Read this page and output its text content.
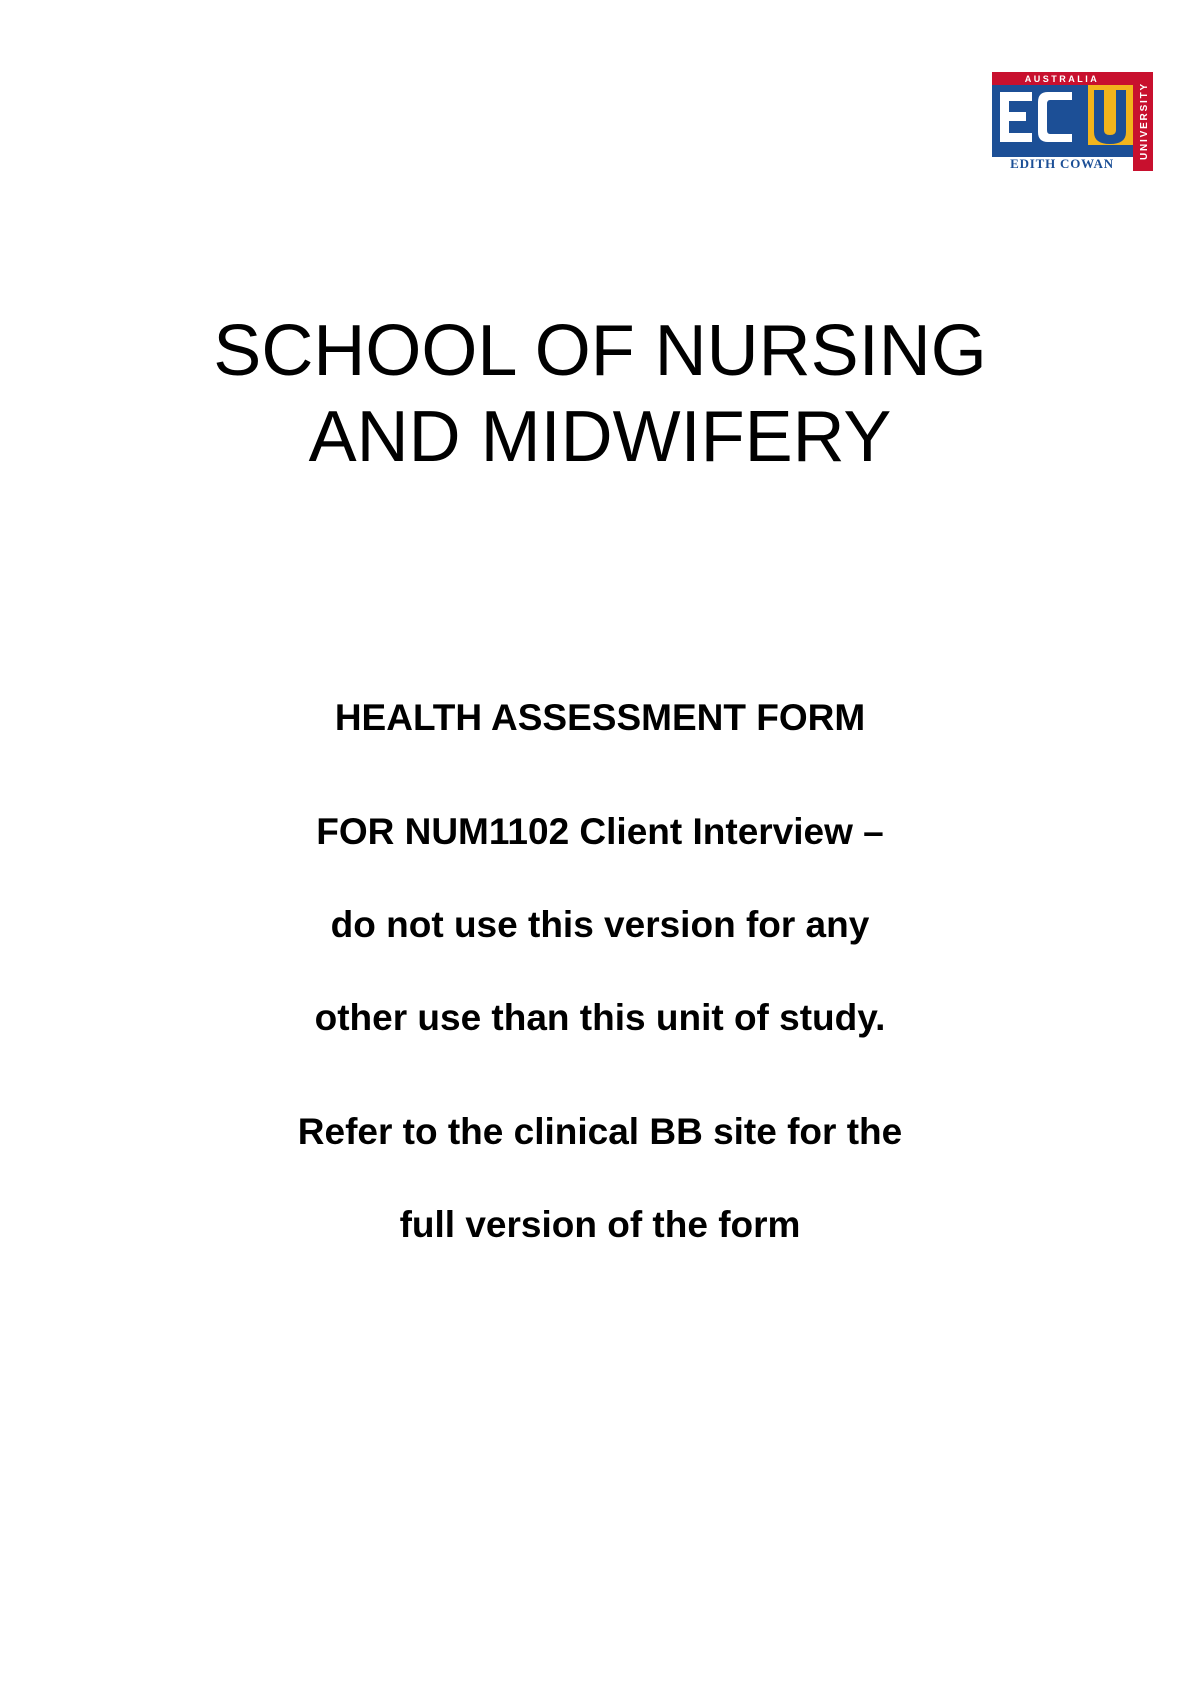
AUSTRALIA
EDITH COWAN
UNIVERSITY
SCHOOL OF NURSING
AND MIDWIFERY

HEALTH ASSESSMENT FORM

FOR NUM1102 Client Interview –

do not use this version for any

other use than this unit of study.

Refer to the clinical BB site for the

full version of the form
